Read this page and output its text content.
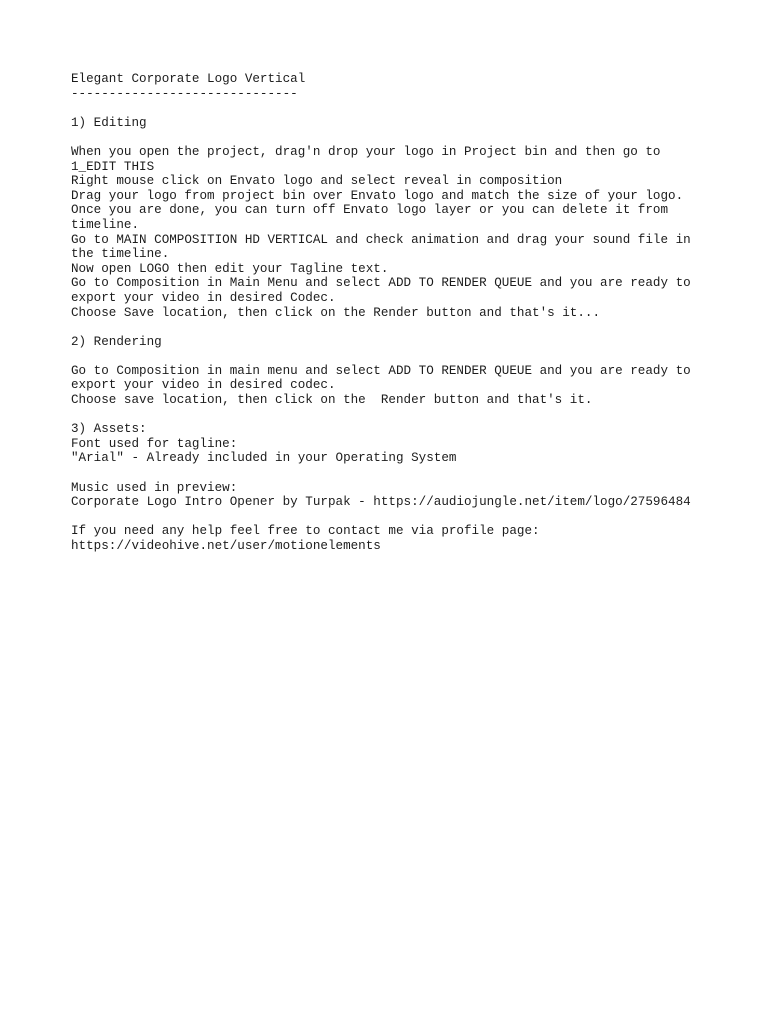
Elegant Corporate Logo Vertical
------------------------------
1) Editing
When you open the project, drag'n drop your logo in Project bin and then go to
1_EDIT THIS
Right mouse click on Envato logo and select reveal in composition
Drag your logo from project bin over Envato logo and match the size of your logo.
Once you are done, you can turn off Envato logo layer or you can delete it from
timeline.
Go to MAIN COMPOSITION HD VERTICAL and check animation and drag your sound file in
the timeline.
Now open LOGO then edit your Tagline text.
Go to Composition in Main Menu and select ADD TO RENDER QUEUE and you are ready to
export your video in desired Codec.
Choose Save location, then click on the Render button and that's it...
2) Rendering
Go to Composition in main menu and select ADD TO RENDER QUEUE and you are ready to
export your video in desired codec.
Choose save location, then click on the  Render button and that's it.
3) Assets:
Font used for tagline:
"Arial" - Already included in your Operating System
Music used in preview:
Corporate Logo Intro Opener by Turpak - https://audiojungle.net/item/logo/27596484
If you need any help feel free to contact me via profile page:
https://videohive.net/user/motionelements
